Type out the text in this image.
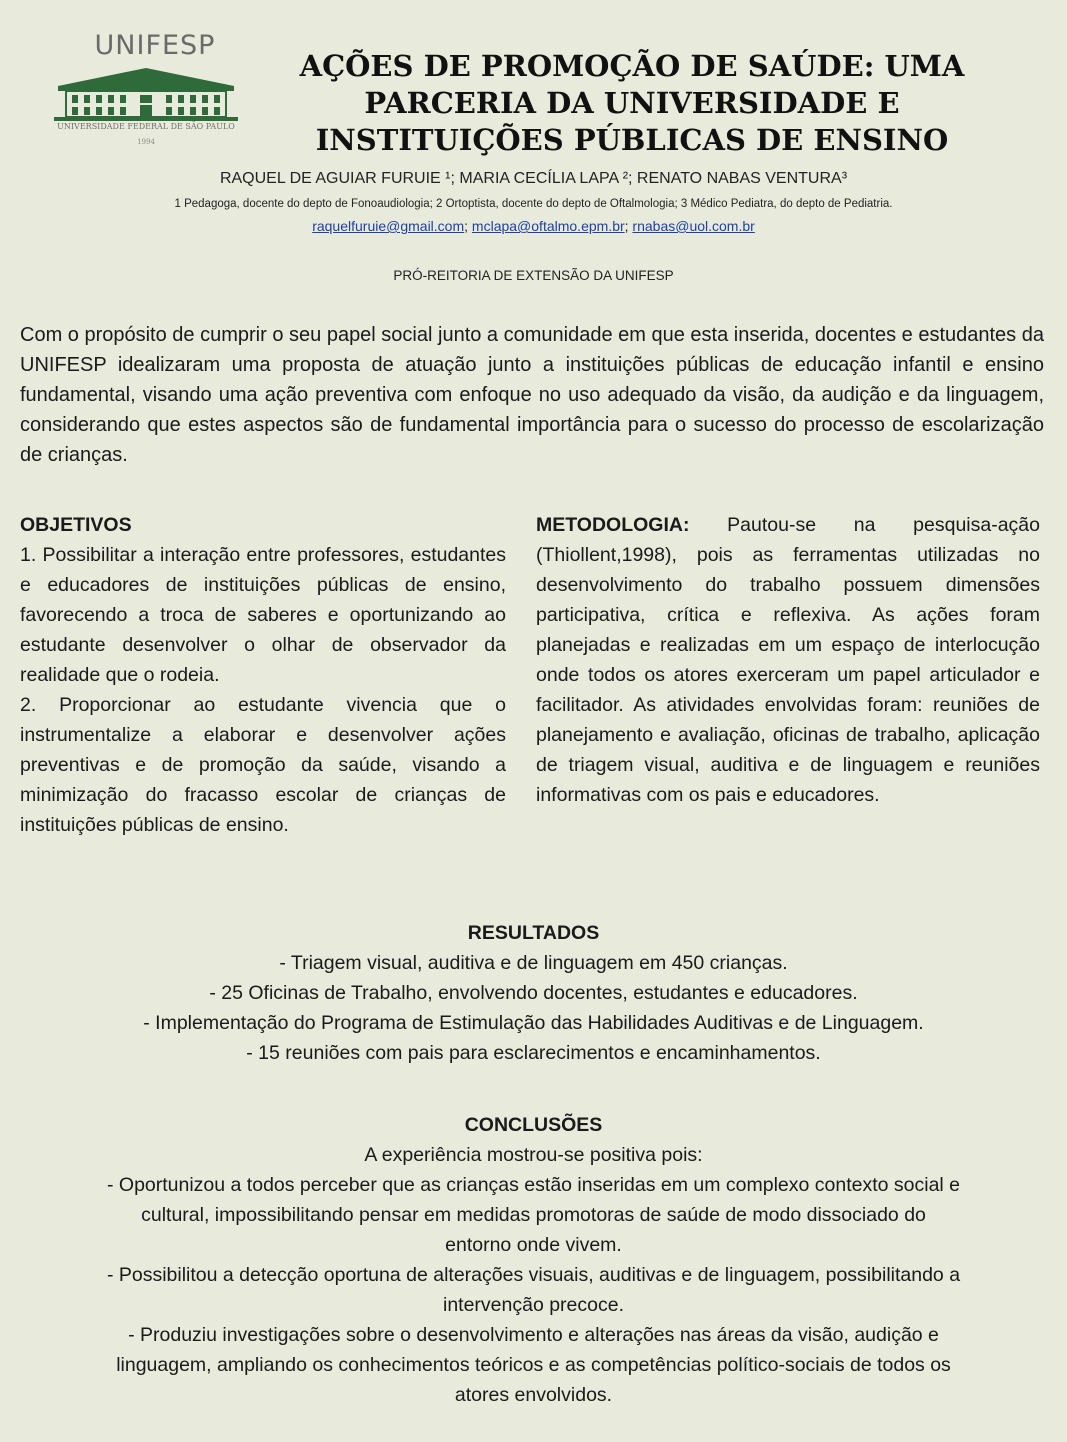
UNIFESP
UNIVERSIDADE FEDERAL DE SÃO PAULO
1994
AÇÕES DE PROMOÇÃO DE SAÚDE: UMA
PARCERIA DA UNIVERSIDADE E
INSTITUIÇÕES PÚBLICAS DE ENSINO
RAQUEL DE AGUIAR FURUIE ¹; MARIA CECÍLIA LAPA ²; RENATO NABAS VENTURA³
1 Pedagoga, docente do depto de Fonoaudiologia; 2 Ortoptista, docente do depto de Oftalmologia; 3 Médico Pediatra, do depto de Pediatria.
raquelfuruie@gmail.com; mclapa@oftalmo.epm.br; rnabas@uol.com.br
PRÓ-REITORIA DE EXTENSÃO DA UNIFESP
Com o propósito de cumprir o seu papel social junto a comunidade em que esta inserida, docentes e estudantes da UNIFESP idealizaram uma proposta de atuação junto a instituições públicas de educação infantil e ensino fundamental, visando uma ação preventiva com enfoque no uso adequado da visão, da audição e da linguagem, considerando que estes aspectos são de fundamental importância para o sucesso do processo de escolarização de crianças.
OBJETIVOS

1. Possibilitar a interação entre professores, estudantes e educadores de instituições públicas de ensino, favorecendo a troca de saberes e oportunizando ao estudante desenvolver o olhar de observador da realidade que o rodeia.

2. Proporcionar ao estudante vivencia que o instrumentalize a elaborar e desenvolver ações preventivas e de promoção da saúde, visando a minimização do fracasso escolar de crianças de instituições públicas de ensino.

METODOLOGIA: Pautou-se na pesquisa-ação (Thiollent,1998), pois as ferramentas utilizadas no desenvolvimento do trabalho possuem dimensões participativa, crítica e reflexiva. As ações foram planejadas e realizadas em um espaço de interlocução onde todos os atores exerceram um papel articulador e facilitador. As atividades envolvidas foram: reuniões de planejamento e avaliação, oficinas de trabalho, aplicação de triagem visual, auditiva e de linguagem e reuniões informativas com os pais e educadores.

RESULTADOS
- Triagem visual, auditiva e de linguagem em 450 crianças.
- 25 Oficinas de Trabalho, envolvendo docentes, estudantes e educadores.
- Implementação do Programa de Estimulação das Habilidades Auditivas e de Linguagem.
- 15 reuniões com pais para esclarecimentos e encaminhamentos.
CONCLUSÕES
A experiência mostrou-se positiva pois:
- Oportunizou a todos perceber que as crianças estão inseridas em um complexo contexto social e
cultural, impossibilitando pensar em medidas promotoras de saúde de modo dissociado do
entorno onde vivem.
- Possibilitou a detecção oportuna de alterações visuais, auditivas e de linguagem, possibilitando a
intervenção precoce.
- Produziu investigações sobre o desenvolvimento e alterações nas áreas da visão, audição e
linguagem, ampliando os conhecimentos teóricos e as competências político-sociais de todos os
atores envolvidos.
